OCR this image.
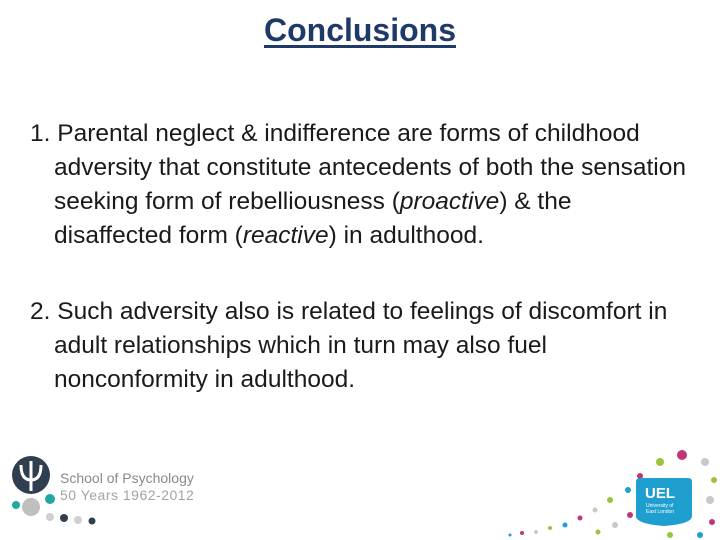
Conclusions
1. Parental neglect & indifference are forms of childhood adversity that constitute antecedents of both the sensation seeking form of rebelliousness (proactive) & the disaffected form (reactive) in adulthood.
2. Such adversity also is related to feelings of discomfort in adult relationships which in turn may also fuel nonconformity in adulthood.
School of Psychology
50 Years 1962-2012	UEL
University of
East London
